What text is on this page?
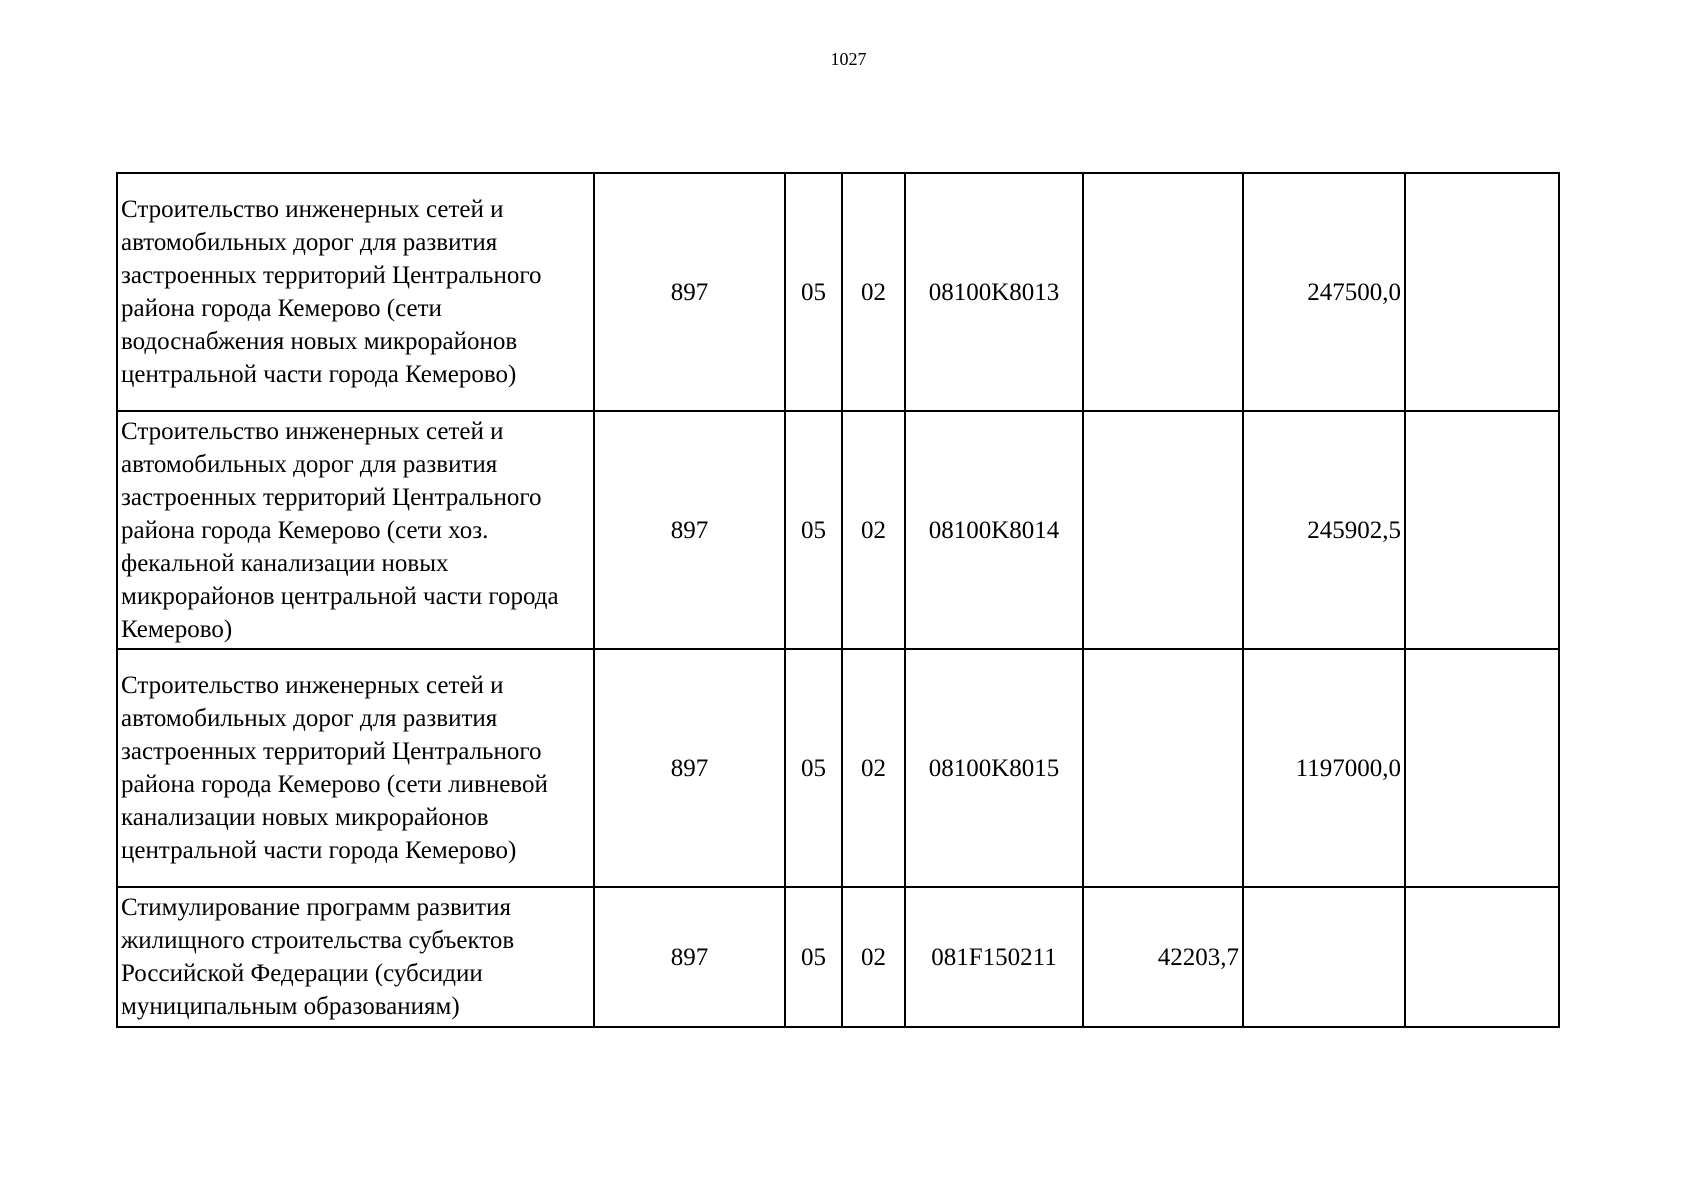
1027
Строительство инженерных сетей и автомобильных дорог для развития застроенных территорий Центрального района города Кемерово (сети водоснабжения новых микрорайонов центральной части города Кемерово)	897	05	02	08100K8013		247500,0	
Строительство инженерных сетей и автомобильных дорог для развития застроенных территорий Центрального района города Кемерово (сети хоз. фекальной канализации новых микрорайонов центральной части города Кемерово)	897	05	02	08100K8014		245902,5	
Строительство инженерных сетей и автомобильных дорог для развития застроенных территорий Центрального района города Кемерово (сети ливневой канализации новых микрорайонов центральной части города Кемерово)	897	05	02	08100K8015		1197000,0	
Стимулирование программ развития жилищного строительства субъектов Российской Федерации (субсидии муниципальным образованиям)	897	05	02	081F150211	42203,7		
